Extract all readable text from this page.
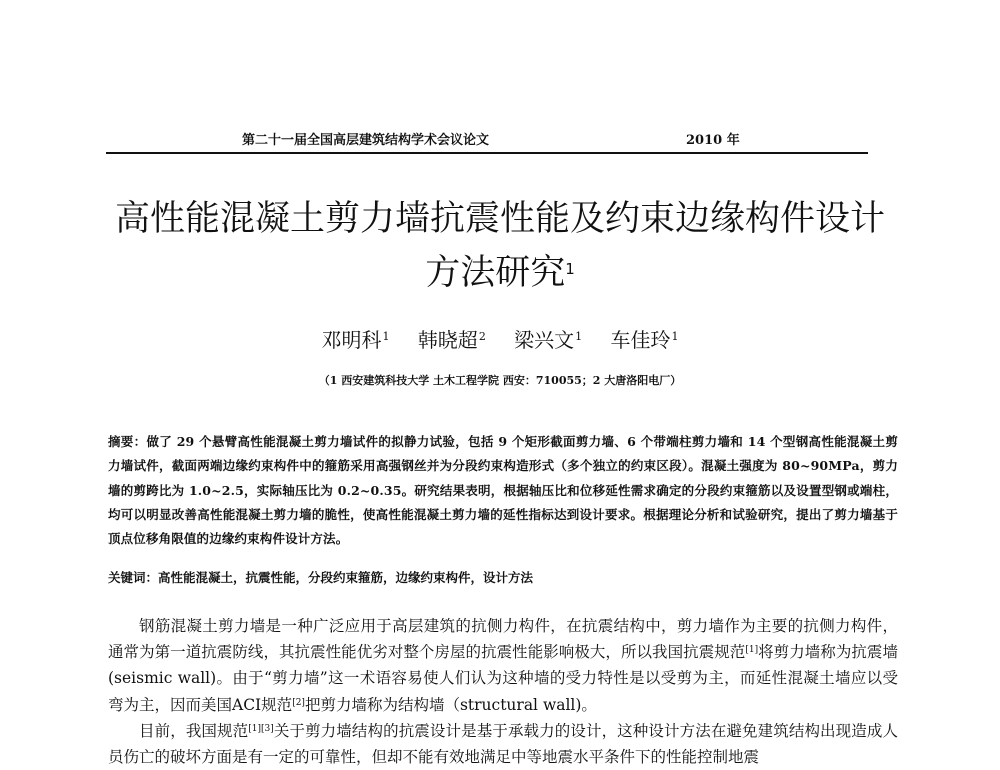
第二十一届全国高层建筑结构学术会议论文	2010 年
高性能混凝土剪力墙抗震性能及约束边缘构件设计方法研究$^1$
邓明科$^1$ 韩晓超$^2$ 梁兴文$^1$ 车佳玲$^1$
（1 西安建筑科技大学 土木工程学院 西安：710055；2 大唐洛阳电厂）
摘要：做了 29 个悬臂高性能混凝土剪力墙试件的拟静力试验，包括 9 个矩形截面剪力墙、6 个带端柱剪力墙和 14 个型钢高性能混凝土剪力墙试件，截面两端边缘约束构件中的箍筋采用高强钢丝并为分段约束构造形式（多个独立的约束区段）。混凝土强度为 80~90MPa，剪力墙的剪跨比为 1.0~2.5，实际轴压比为 0.2~0.35。研究结果表明，根据轴压比和位移延性需求确定的分段约束箍筋以及设置型钢或端柱，均可以明显改善高性能混凝土剪力墙的脆性，使高性能混凝土剪力墙的延性指标达到设计要求。根据理论分析和试验研究，提出了剪力墙基于顶点位移角限值的边缘约束构件设计方法。
关键词：高性能混凝土，抗震性能，分段约束箍筋，边缘约束构件，设计方法

钢筋混凝土剪力墙是一种广泛应用于高层建筑的抗侧力构件，在抗震结构中，剪力墙作为主要的抗侧力构件，通常为第一道抗震防线，其抗震性能优劣对整个房屋的抗震性能影响极大，所以我国抗震规范[1]将剪力墙称为抗震墙(seismic wall)。由于“剪力墙”这一术语容易使人们认为这种墙的受力特性是以受剪为主，而延性混凝土墙应以受弯为主，因而美国ACI规范[2]把剪力墙称为结构墙（structural wall)。

目前，我国规范[1][3]关于剪力墙结构的抗震设计是基于承载力的设计，这种设计方法在避免建筑结构出现造成人员伤亡的破坏方面是有一定的可靠性，但却不能有效地满足中等地震水平条件下的性能控制地震
